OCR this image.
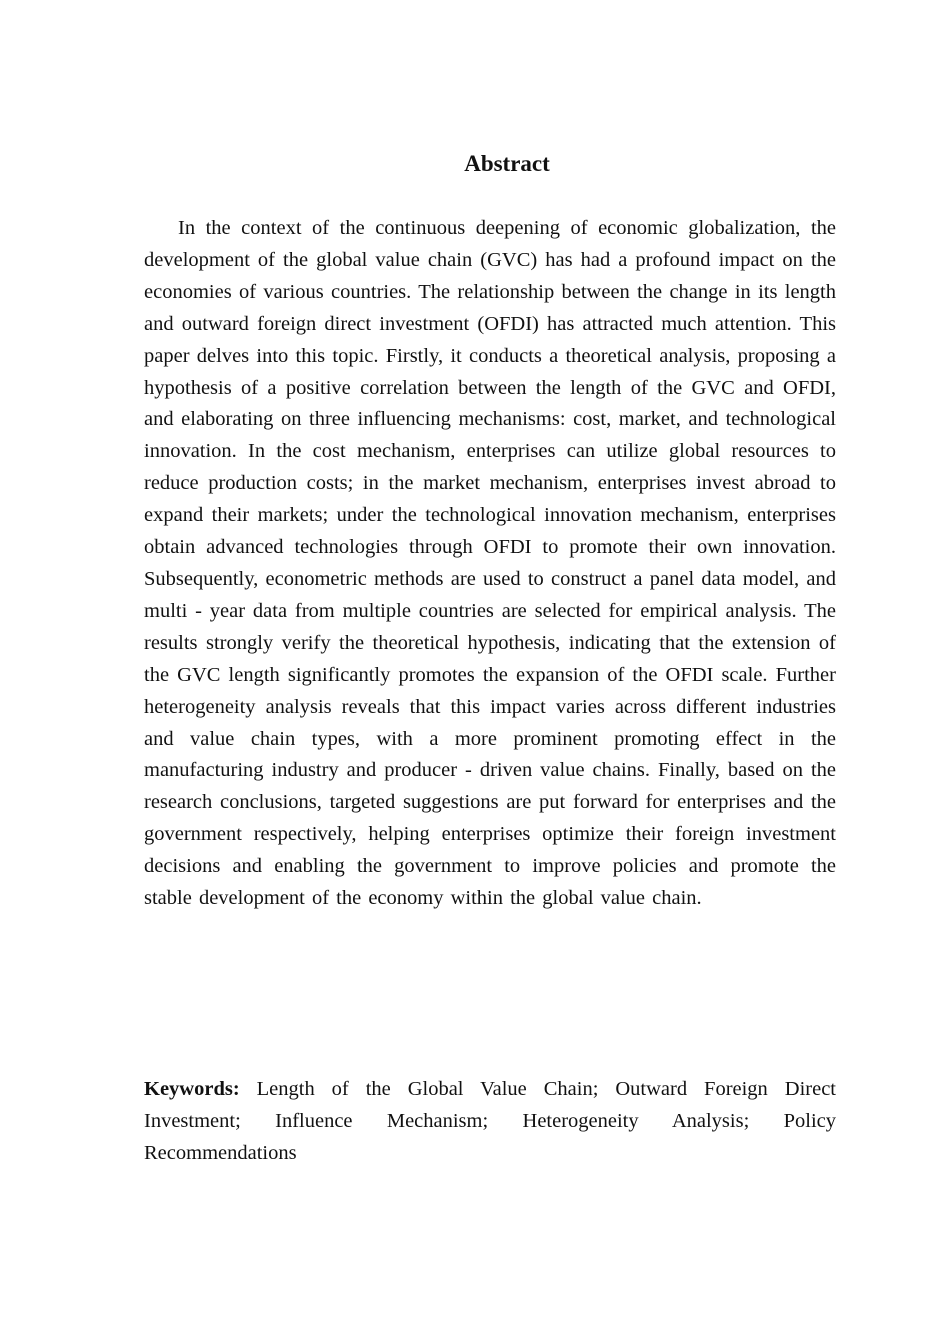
Abstract

In the context of the continuous deepening of economic globalization, the development of the global value chain (GVC) has had a profound impact on the economies of various countries. The relationship between the change in its length and outward foreign direct investment (OFDI) has attracted much attention. This paper delves into this topic. Firstly, it conducts a theoretical analysis, proposing a hypothesis of a positive correlation between the length of the GVC and OFDI, and elaborating on three influencing mechanisms: cost, market, and technological innovation. In the cost mechanism, enterprises can utilize global resources to reduce production costs; in the market mechanism, enterprises invest abroad to expand their markets; under the technological innovation mechanism, enterprises obtain advanced technologies through OFDI to promote their own innovation. Subsequently, econometric methods are used to construct a panel data model, and multi - year data from multiple countries are selected for empirical analysis. The results strongly verify the theoretical hypothesis, indicating that the extension of the GVC length significantly promotes the expansion of the OFDI scale. Further heterogeneity analysis reveals that this impact varies across different industries and value chain types, with a more prominent promoting effect in the manufacturing industry and producer - driven value chains. Finally, based on the research conclusions, targeted suggestions are put forward for enterprises and the government respectively, helping enterprises optimize their foreign investment decisions and enabling the government to improve policies and promote the stable development of the economy within the global value chain.

Keywords: Length of the Global Value Chain; Outward Foreign Direct Investment; Influence Mechanism; Heterogeneity Analysis; Policy Recommendations
